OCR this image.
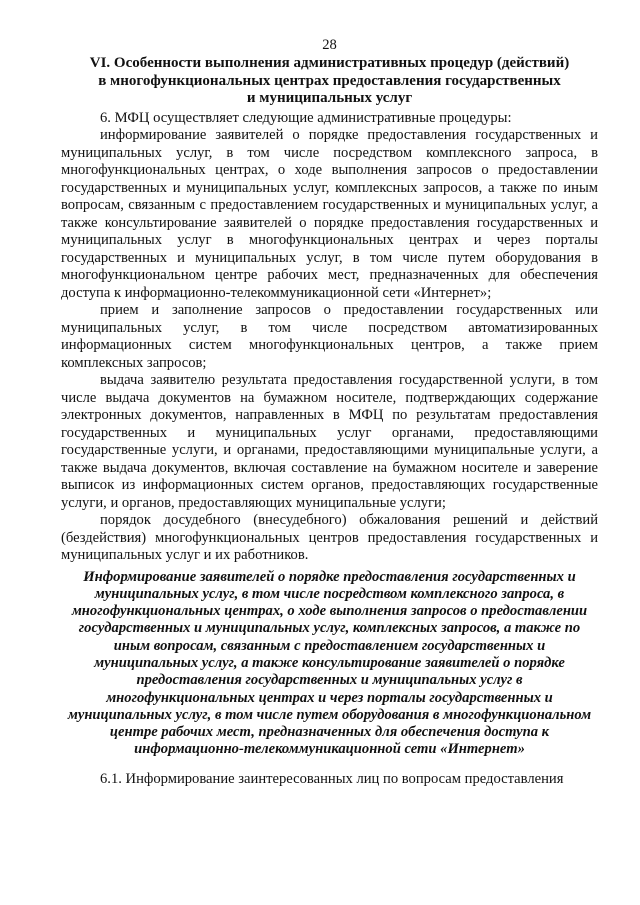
28
VI. Особенности выполнения административных процедур (действий)
в многофункциональных центрах предоставления государственных
и муниципальных услуг

6. МФЦ осуществляет следующие административные процедуры:

информирование заявителей о порядке предоставления государственных и муниципальных услуг, в том числе посредством комплексного запроса, в многофункциональных центрах, о ходе выполнения запросов о предоставлении государственных и муниципальных услуг, комплексных запросов, а также по иным вопросам, связанным с предоставлением государственных и муниципальных услуг, а также консультирование заявителей о порядке предоставления государственных и муниципальных услуг в многофункциональных центрах и через порталы государственных и муниципальных услуг, в том числе путем оборудования в многофункциональном центре рабочих мест, предназначенных для обеспечения доступа к информационно-телекоммуникационной сети «Интернет»;

прием и заполнение запросов о предоставлении государственных или муниципальных услуг, в том числе посредством автоматизированных информационных систем многофункциональных центров, а также прием комплексных запросов;

выдача заявителю результата предоставления государственной услуги, в том числе выдача документов на бумажном носителе, подтверждающих содержание электронных документов, направленных в МФЦ по результатам предоставления государственных и муниципальных услуг органами, предоставляющими государственные услуги, и органами, предоставляющими муниципальные услуги, а также выдача документов, включая составление на бумажном носителе и заверение выписок из информационных систем органов, предоставляющих государственные услуги, и органов, предоставляющих муниципальные услуги;

порядок досудебного (внесудебного) обжалования решений и действий (бездействия) многофункциональных центров предоставления государственных и муниципальных услуг и их работников.

Информирование заявителей о порядке предоставления государственных и муниципальных услуг, в том числе посредством комплексного запроса, в многофункциональных центрах, о ходе выполнения запросов о предоставлении государственных и муниципальных услуг, комплексных запросов, а также по иным вопросам, связанным с предоставлением государственных и муниципальных услуг, а также консультирование заявителей о порядке предоставления государственных и муниципальных услуг в многофункциональных центрах и через порталы государственных и муниципальных услуг, в том числе путем оборудования в многофункциональном центре рабочих мест, предназначенных для обеспечения доступа к информационно-телекоммуникационной сети «Интернет»

6.1. Информирование заинтересованных лиц по вопросам предоставления
